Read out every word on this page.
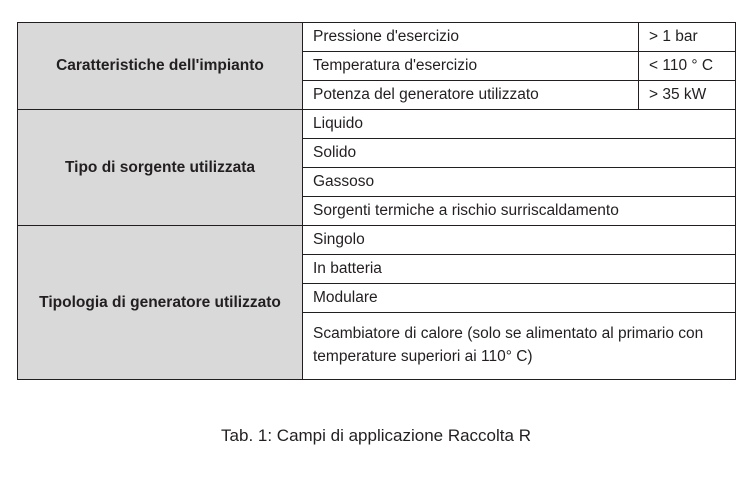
Caratteristiche dell'impianto	Pressione d'esercizio	> 1 bar
	Temperatura d'esercizio	< 110 ° C
	Potenza del generatore utilizzato	> 35 kW
Tipo di sorgente utilizzata	Liquido	
	Solido	
	Gassoso	
	Sorgenti termiche a rischio surriscaldamento	
Tipologia di generatore utilizzato	Singolo	
	In batteria	
	Modulare	
	Scambiatore di calore (solo se alimentato al primario con temperature superiori ai 110° C)	
Tab. 1: Campi di applicazione Raccolta R
